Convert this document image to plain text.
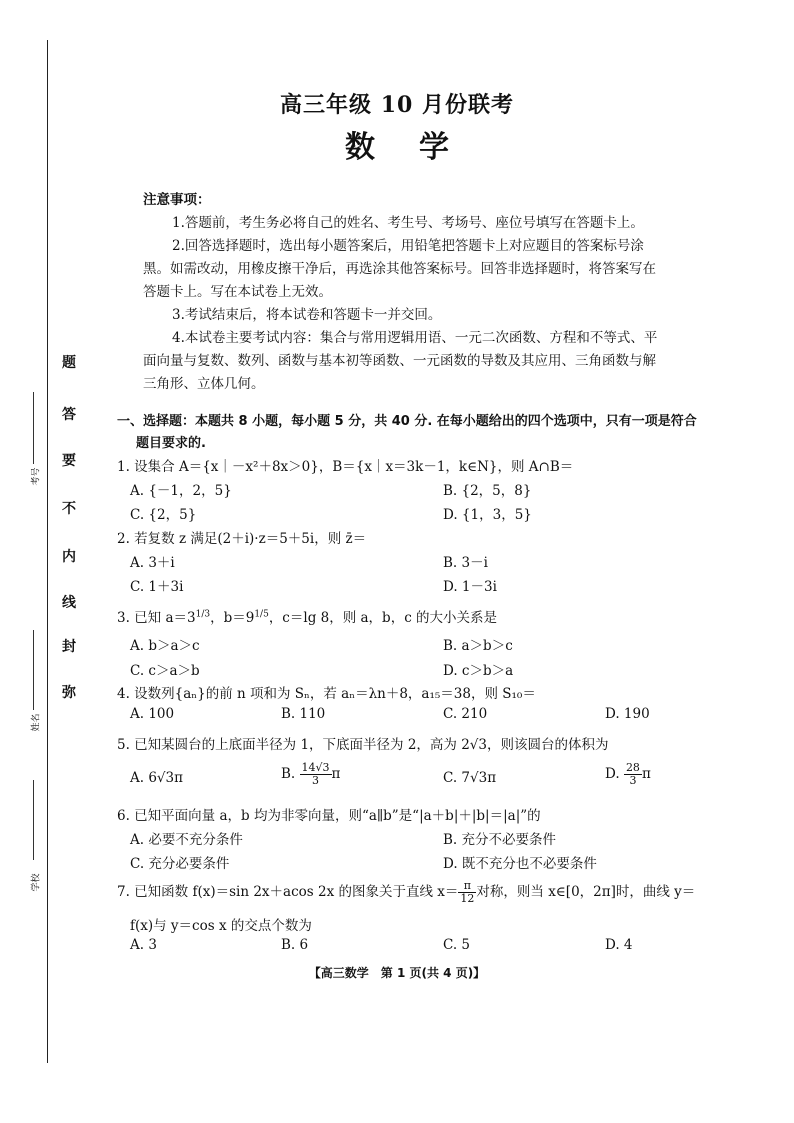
题
答
要
不
内
线
封
弥
考号
姓名
学校
高三年级 10 月份联考
数学
注意事项：
1.答题前，考生务必将自己的姓名、考生号、考场号、座位号填写在答题卡上。
2.回答选择题时，选出每小题答案后，用铅笔把答题卡上对应题目的答案标号涂
黑。如需改动，用橡皮擦干净后，再选涂其他答案标号。回答非选择题时，将答案写在
答题卡上。写在本试卷上无效。
3.考试结束后，将本试卷和答题卡一并交回。
4.本试卷主要考试内容：集合与常用逻辑用语、一元二次函数、方程和不等式、平
面向量与复数、数列、函数与基本初等函数、一元函数的导数及其应用、三角函数与解
三角形、立体几何。
一、选择题：本题共 8 小题，每小题 5 分，共 40 分. 在每小题给出的四个选项中，只有一项是符合
题目要求的.
1. 设集合 A＝{x｜－x²＋8x＞0}，B＝{x｜x＝3k－1，k∈N}，则 A∩B＝
A. {－1，2，5}	B. {2，5，8}
C. {2，5}	D. {1，3，5}
2. 若复数 z 满足(2＋i)·z＝5＋5i，则 z̄＝
A. 3＋i	B. 3－i
C. 1＋3i	D. 1－3i
3. 已知 $a=3^{1/3}$，$b=9^{1/5}$，c＝lg 8，则 a，b，c 的大小关系是
A. b＞a＞c	B. a＞b＞c
C. c＞a＞b	D. c＞b＞a
4. 设数列{aₙ}的前 n 项和为 Sₙ，若 aₙ＝λn＋8，a₁₅＝38，则 S₁₀＝
A. 100	B. 110	C. 210	D. 190
5. 已知某圆台的上底面半径为 1，下底面半径为 2，高为 2√3，则该圆台的体积为
A. 6√3π	B. $\frac{14√3}{3}$ π	C. 7√3π	D. $\frac{28}{3}$ π
6. 已知平面向量 a，b 均为非零向量，则“a∥b”是“|a＋b|＋|b|＝|a|”的
A. 必要不充分条件	B. 充分不必要条件
C. 充分必要条件	D. 既不充分也不必要条件
7. 已知函数 f(x)＝sin 2x＋acos 2x 的图象关于直线 $x= \frac{\pi}{12}$ 对称，则当 x∈[0，2π]时，曲线 y＝
f(x)与 y＝cos x 的交点个数为
A. 3	B. 6	C. 5	D. 4
【高三数学　第 1 页(共 4 页)】
